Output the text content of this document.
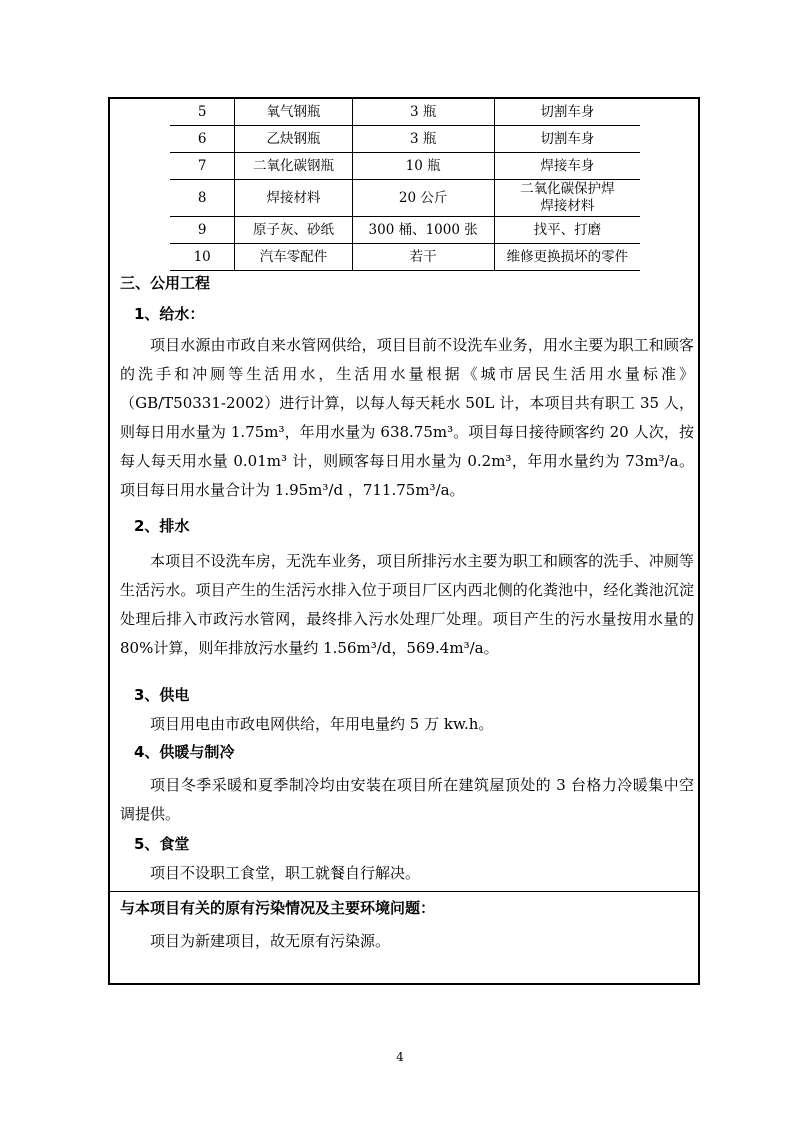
5	氧气钢瓶	3 瓶	切割车身
6	乙炔钢瓶	3 瓶	切割车身
7	二氧化碳钢瓶	10 瓶	焊接车身
8	焊接材料	20 公斤	二氧化碳保护焊
焊接材料
9	原子灰、砂纸	300 桶、1000 张	找平、打磨
10	汽车零配件	若干	维修更换损坏的零件
三、公用工程
1、给水：
项目水源由市政自来水管网供给，项目目前不设洗车业务，用水主要为职工和顾客的洗手和冲厕等生活用水，生活用水量根据《城市居民生活用水量标准》（GB/T50331-2002）进行计算，以每人每天耗水 50L 计，本项目共有职工 35 人，则每日用水量为 1.75m³，年用水量为 638.75m³。项目每日接待顾客约 20 人次，按每人每天用水量 0.01m³ 计，则顾客每日用水量为 0.2m³，年用水量约为 73m³/a。项目每日用水量合计为 1.95m³/d ，711.75m³/a。
2、排水
本项目不设洗车房，无洗车业务，项目所排污水主要为职工和顾客的洗手、冲厕等生活污水。项目产生的生活污水排入位于项目厂区内西北侧的化粪池中，经化粪池沉淀处理后排入市政污水管网，最终排入污水处理厂处理。项目产生的污水量按用水量的 80%计算，则年排放污水量约 1.56m³/d，569.4m³/a。
3、供电
项目用电由市政电网供给，年用电量约 5 万 kw.h。
4、供暖与制冷
项目冬季采暖和夏季制冷均由安装在项目所在建筑屋顶处的 3 台格力冷暖集中空调提供。
5、食堂
项目不设职工食堂，职工就餐自行解决。
与本项目有关的原有污染情况及主要环境问题：
项目为新建项目，故无原有污染源。
4
